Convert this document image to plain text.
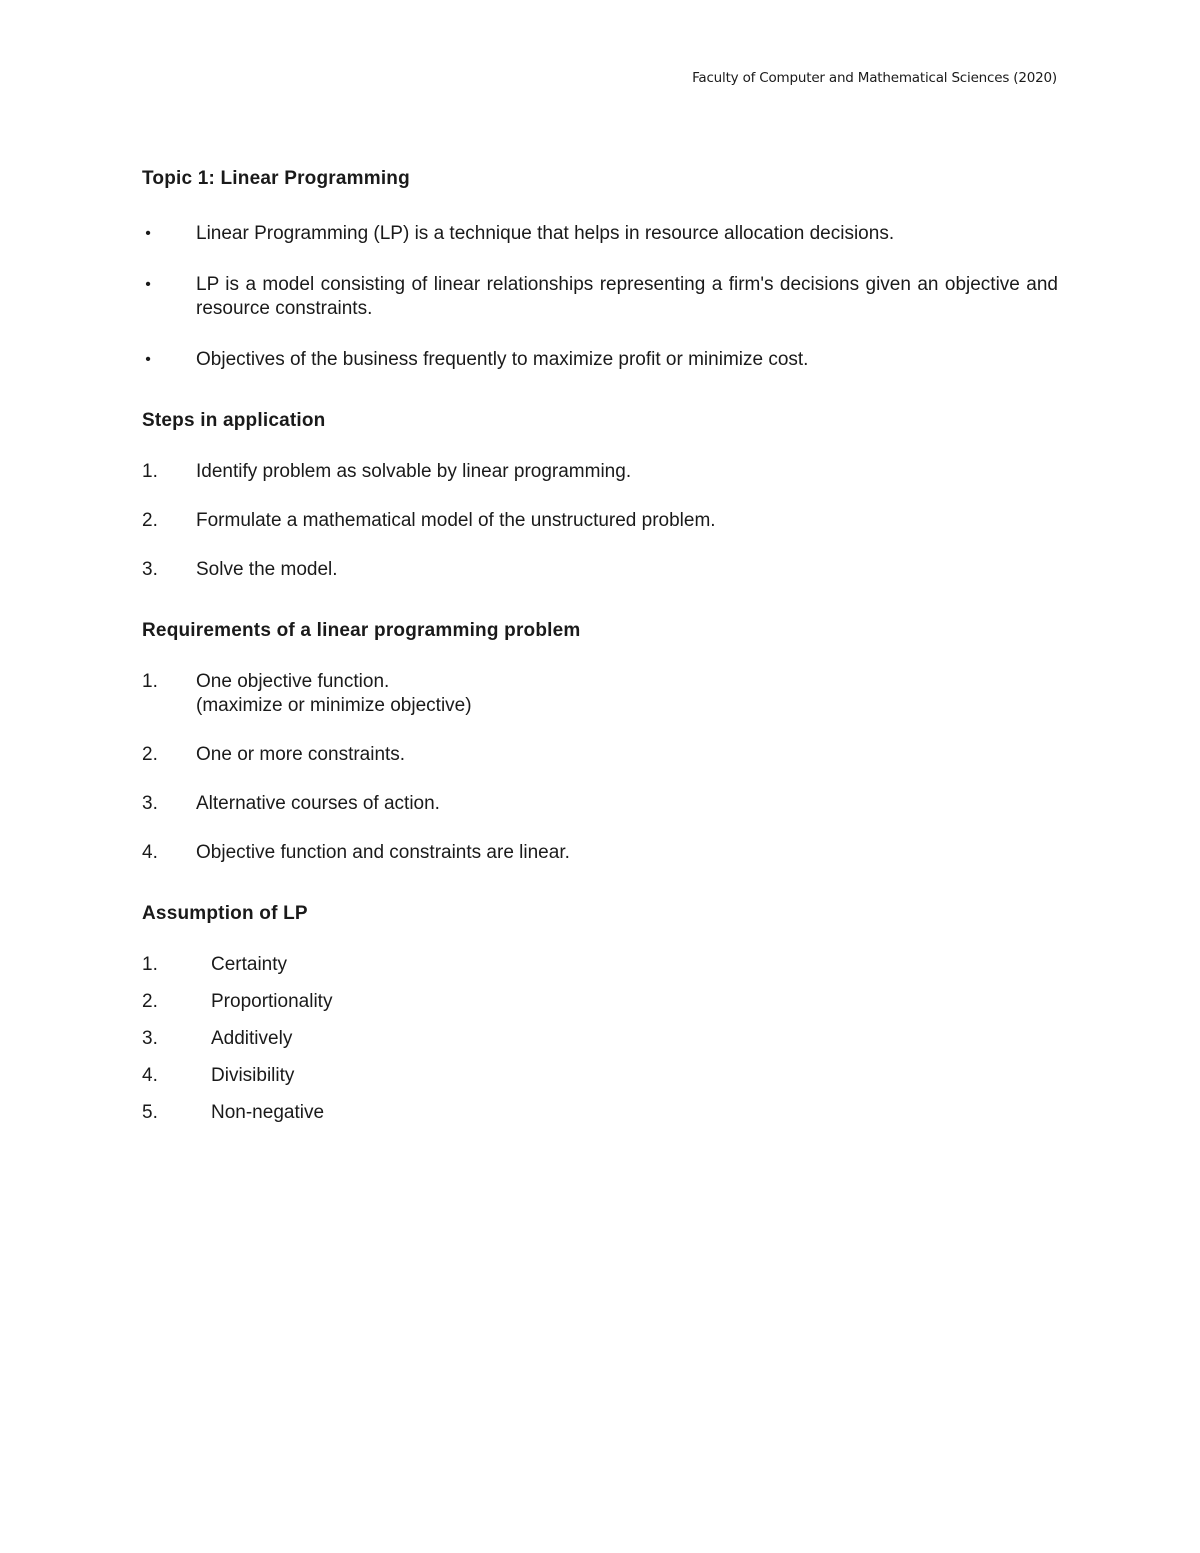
Faculty of Computer and Mathematical Sciences (2020)
Topic 1: Linear Programming
• Linear Programming (LP) is a technique that helps in resource allocation decisions.
• LP is a model consisting of linear relationships representing a firm's decisions given an objective and resource constraints.
• Objectives of the business frequently to maximize profit or minimize cost.
Steps in application
1. Identify problem as solvable by linear programming.
2. Formulate a mathematical model of the unstructured problem.
3. Solve the model.
Requirements of a linear programming problem
1. One objective function.
(maximize or minimize objective)
2. One or more constraints.
3. Alternative courses of action.
4. Objective function and constraints are linear.
Assumption of LP
1.	Certainty
2.	Proportionality
3.	Additively
4.	Divisibility
5.	Non-negative
